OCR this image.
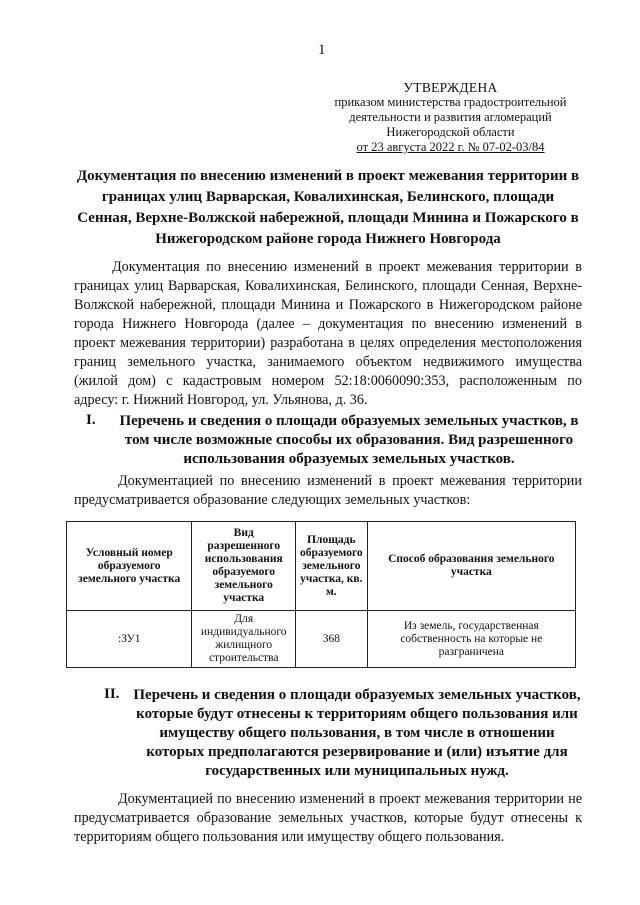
1
УТВЕРЖДЕНА
приказом министерства градостроительной
деятельности и развития агломераций
Нижегородской области
от 23 августа 2022 г. № 07-02-03/84
Документация по внесению изменений в проект межевания территории в границах улиц Варварская, Ковалихинская, Белинского, площади Сенная, Верхне-Волжской набережной, площади Минина и Пожарского в Нижегородском районе города Нижнего Новгорода
Документация по внесению изменений в проект межевания территории в границах улиц Варварская, Ковалихинская, Белинского, площади Сенная, Верхне-Волжской набережной, площади Минина и Пожарского в Нижегородском районе города Нижнего Новгорода (далее – документация по внесению изменений в проект межевания территории) разработана в целях определения местоположения границ земельного участка, занимаемого объектом недвижимого имущества (жилой дом) с кадастровым номером 52:18:0060090:353, расположенным по адресу: г. Нижний Новгород, ул. Ульянова, д. 36.
I.	Перечень и сведения о площади образуемых земельных участков, в том числе возможные способы их образования. Вид разрешенного использования образуемых земельных участков.
Документацией по внесению изменений в проект межевания территории предусматривается образование следующих земельных участков:
Условный номер образуемого земельного участка	Вид разрешенного использования образуемого земельного участка	Площадь образуемого земельного участка, кв. м.	Способ образования земельного участка
:ЗУ1	Для индивидуального жилищного строительства	368	Из земель, государственная собственность на которые не разграничена
II. Перечень и сведения о площади образуемых земельных участков, которые будут отнесены к территориям общего пользования или имуществу общего пользования, в том числе в отношении которых предполагаются резервирование и (или) изъятие для государственных или муниципальных нужд.
Документацией по внесению изменений в проект межевания территории не предусматривается образование земельных участков, которые будут отнесены к территориям общего пользования или имуществу общего пользования.
